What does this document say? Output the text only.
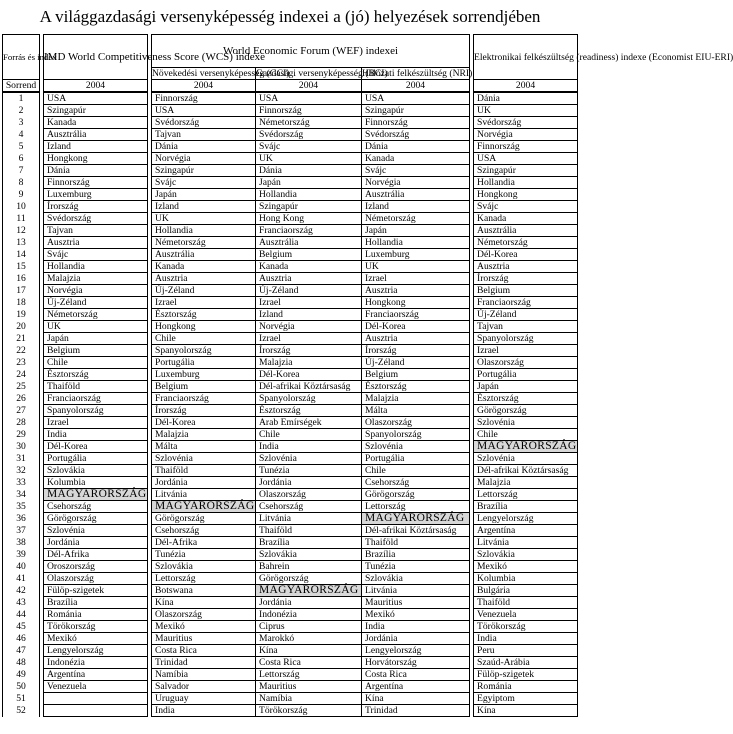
A világgazdasági versenyképesség indexei a (jó) helyezések sorrendjében
Forrás és index		IMD World Competitiveness Score (WCS) indexe		World Economic Forum (WEF) indexei				Elektronikai felkészültség (readiness) indexe (Economist EIU-ERI)
				Növekedési versenyképesség (GCI)	Gazdasági versenyképesség (BCI)	Hálózati felkészültség (NRI)		
Sorrend		2004		2004	2004	2004		2004
1		USA		Finnország	USA	USA		Dánia
2		Szingapúr		USA	Finnország	Szingapúr		UK
3		Kanada		Svédország	Németország	Finnország		Svédország
4		Ausztrália		Tajvan	Svédország	Svédország		Norvégia
5		Izland		Dánia	Svájc	Dánia		Finnország
6		Hongkong		Norvégia	UK	Kanada		USA
7		Dánia		Szingapúr	Dánia	Svájc		Szingapúr
8		Finnország		Svájc	Japán	Norvégia		Hollandia
9		Luxemburg		Japán	Hollandia	Ausztrália		Hongkong
10		Írország		Izland	Szingapúr	Izland		Svájc
11		Svédország		UK	Hong Kong	Németország		Kanada
12		Tajvan		Hollandia	Franciaország	Japán		Ausztrália
13		Ausztria		Németország	Ausztrália	Hollandia		Németország
14		Svájc		Ausztrália	Belgium	Luxemburg		Dél-Korea
15		Hollandia		Kanada	Kanada	UK		Ausztria
16		Malajzia		Ausztria	Ausztria	Izrael		Írország
17		Norvégia		Új-Zéland	Új-Zéland	Ausztria		Belgium
18		Új-Zéland		Izrael	Izrael	Hongkong		Franciaország
19		Németország		Észtország	Izland	Franciaország		Új-Zéland
20		UK		Hongkong	Norvégia	Dél-Korea		Tajvan
21		Japán		Chile	Izrael	Ausztria		Spanyolország
22		Belgium		Spanyolország	Írország	Írország		Izrael
23		Chile		Portugália	Malajzia	Új-Zéland		Olaszország
24		Észtország		Luxemburg	Dél-Korea	Belgium		Portugália
25		Thaiföld		Belgium	Dél-afrikai Köztársaság	Észtország		Japán
26		Franciaország		Franciaország	Spanyolország	Malajzia		Észtország
27		Spanyolország		Írország	Észtország	Málta		Görögország
28		Izrael		Dél-Korea	Arab Emírségek	Olaszország		Szlovénia
29		India		Malajzia	Chile	Spanyolország		Chile
30		Dél-Korea		Málta	India	Szlovénia		MAGYARORSZÁG
31		Portugália		Szlovénia	Szlovénia	Portugália		Szlovénia
32		Szlovákia		Thaiföld	Tunézia	Chile		Dél-afrikai Köztársaság
33		Kolumbia		Jordánia	Jordánia	Csehország		Malajzia
34		MAGYARORSZÁG		Litvánia	Olaszország	Görögország		Lettország
35		Csehország		MAGYARORSZÁG	Csehország	Lettország		Brazília
36		Görögország		Görögország	Litvánia	MAGYARORSZÁG		Lengyelország
37		Szlovénia		Csehország	Thaiföld	Dél-afrikai Köztársaság		Argentína
38		Jordánia		Dél-Afrika	Brazília	Thaiföld		Litvánia
39		Dél-Afrika		Tunézia	Szlovákia	Brazília		Szlovákia
40		Oroszország		Szlovákia	Bahrein	Tunézia		Mexikó
41		Olaszország		Lettország	Görögország	Szlovákia		Kolumbia
42		Fülöp-szigetek		Botswana	MAGYARORSZÁG	Litvánia		Bulgária
43		Brazília		Kína	Jordánia	Mauritius		Thaiföld
44		Románia		Olaszország	Indonézia	Mexikó		Venezuela
45		Törökország		Mexikó	Ciprus	India		Törökország
46		Mexikó		Mauritius	Marokkó	Jordánia		India
47		Lengyelország		Costa Rica	Kína	Lengyelország		Peru
48		Indonézia		Trinidad	Costa Rica	Horvátország		Szaúd-Arábia
49		Argentína		Namíbia	Lettország	Costa Rica		Fülöp-szigetek
50		Venezuela		Salvador	Mauritius	Argentína		Románia
51				Uruguay	Namíbia	Kína		Egyiptom
52				India	Törökország	Trinidad		Kína
